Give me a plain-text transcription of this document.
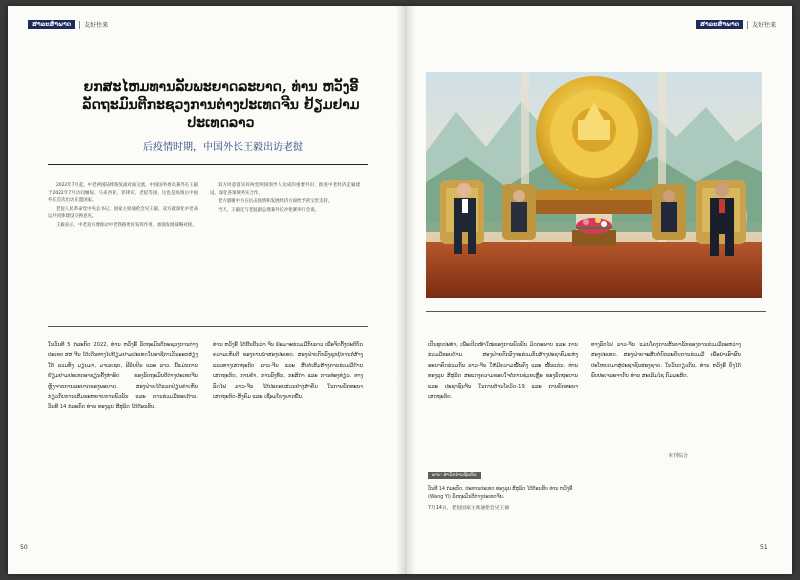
ສາລະສຳພາດ	友好往来	ສາລະສຳພາດ	友好往来
ຍກສະໄຫມທານລັບພະຍາດລະບາດ, ທ່ານ ຫວັງອີ້
ລັດຖະມົນຕີກະຊວງການຕ່າງປະເທດຈີນ ຢ້ຽມຢາມປະເທດລາວ
后疫情时期，中国外长王毅出访老挝

2022年7月起，中老两国陆续恢复面对面交流，中国国务委员兼外长王毅于2022年7月访问缅甸、马来西亚、菲律宾、老挝等国，这也是疫情后中国外长首次出访东盟国家。

老挝人民革命党中央总书记、国家主席通伦会见王毅，双方就深化中老命运共同体建设交换意见。

王毅表示，中老双方要推动中老铁路更好发挥作用，加强发展战略对接。

双方同意落实好两党两国领导人达成的重要共识，推进中老经济走廊建设，深化各领域务实合作。

老方感谢中方在抗击疫情和发展经济方面给予的宝贵支持。

当天，王毅还与老挝副总理兼外长沙伦赛举行会谈。

ໃນວັນທີ 5 ກໍລະກົດ 2022, ທ່ານ ຫວັງອີ້ ລັດຖະມົນຕີກະຊວງການຕ່າງປະເທດ ສສ ຈີນ ໄດ້ເດີນທາງໄປຢ້ຽມຢາມປະເທດໃນອາຊີຕາເວັນອອກສ່ຽງໃຕ້ ລວມທັງ ມຽນມາ, ມາເລເຊຍ, ຟີລິບປິນ ແລະ ລາວ. ນີ້ແມ່ນການຢ້ຽມຢາມປະເທດອາຊຽນຄັ້ງທຳອິດ ຂອງລັດຖະມົນຕີຕ່າງປະເທດຈີນ ຫຼັງຈາກການລະບາດຂອງພະຍາດ. ສອງຝ່າຍໄດ້ແລກປ່ຽນຄຳເຫັນ ກ່ຽວກັບການເສີມຂະຫຍາຍການພົວພັນ ແລະ ການຮ່ວມມືຮອບດ້ານ. ວັນທີ 14 ກໍລະກົດ ທ່ານ ທອງລຸນ ສີສຸລິດ ໄດ້ຕ້ອນຮັບ.

ທ່ານ ຫວັງອີ້ ໄດ້ຢືນຢັນວ່າ ຈີນ ພ້ອມຈະຮ່ວມມືກັບລາວ ເພື່ອຈັດຕັ້ງປະຕິບັດຄວາມເຫັນດີ ຂອງການນຳສອງປະເທດ. ສອງຝ່າຍຕົກລົງຊຸກຍູ້ການກໍ່ສ້າງແລວທາງເສດຖະກິດ ລາວ-ຈີນ ແລະ ສືບຕໍ່ເສີມສ້າງການຮ່ວມມືດ້ານເສດຖະກິດ, ການຄ້າ, ການລົງທຶນ, ກະສິກຳ ແລະ ການທ່ອງທ່ຽວ. ທາງລົດໄຟ ລາວ-ຈີນ ໄດ້ປະກອບສ່ວນຢ່າງສຳຄັນ ໃນການພັດທະນາເສດຖະກິດ-ສັງຄົມ ແລະ ເຊື່ອມໂຍງພາກພື້ນ.

ເປັນຮູບປະທຳ, ເພື່ອເປີດໜ້າໃໝ່ຂອງການພົວພັນ ມິດຕະພາບ ແລະ ການຮ່ວມມືຮອບດ້ານ. ສອງຝ່າຍຕົກລົງຈະຮ່ວມກັນສ້າງປະຊາຄົມແຫ່ງອະນາຄົດຮ່ວມກັນ ລາວ-ຈີນ ໃຫ້ມີຄວາມໝັ້ນຄົງ ແລະ ໝັ້ນແກ່ນ. ທ່ານ ທອງລຸນ ສີສຸລິດ ສະແດງຄວາມຂອບໃຈຕໍ່ການຊ່ວຍເຫຼືອ ຂອງລັດຖະບານ ແລະ ປະຊາຊົນຈີນ ໃນການຕ້ານໂຄວິດ-19 ແລະ ການພັດທະນາເສດຖະກິດ.

ທາງລົດໄຟ ລາວ-ຈີນ ແມ່ນໂຄງການສັນຍາລັກຂອງການຮ່ວມມືລະຫວ່າງສອງປະເທດ. ສອງຝ່າຍຈະສືບຕໍ່ຍົກລະດັບການຮ່ວມມື ເພື່ອນຳເອົາຜົນປະໂຫຍດມາສູ່ປະຊາຊົນສອງຊາດ. ໃນວັນດຽວກັນ, ທ່ານ ຫວັງອີ້ ຍັງໄດ້ພົບປະເຈລະຈາກັບ ທ່ານ ສະເລີມໄຊ ກົມມະສິດ.

本刊综合
ພາບ: ສຳນັກຂ່າວຊິນຫົວ
ວັນທີ 14 ກໍລະກົດ, ປະທານປະເທດ ທອງລຸນ ສີສຸລິດ ໄດ້ຕ້ອນຮັບ ທ່ານ ຫວັງອີ້ (Wang Yi) ລັດຖະມົນຕີຕ່າງປະເທດຈີນ.
7月14日，老挝国家主席通伦会见王毅
50	51
